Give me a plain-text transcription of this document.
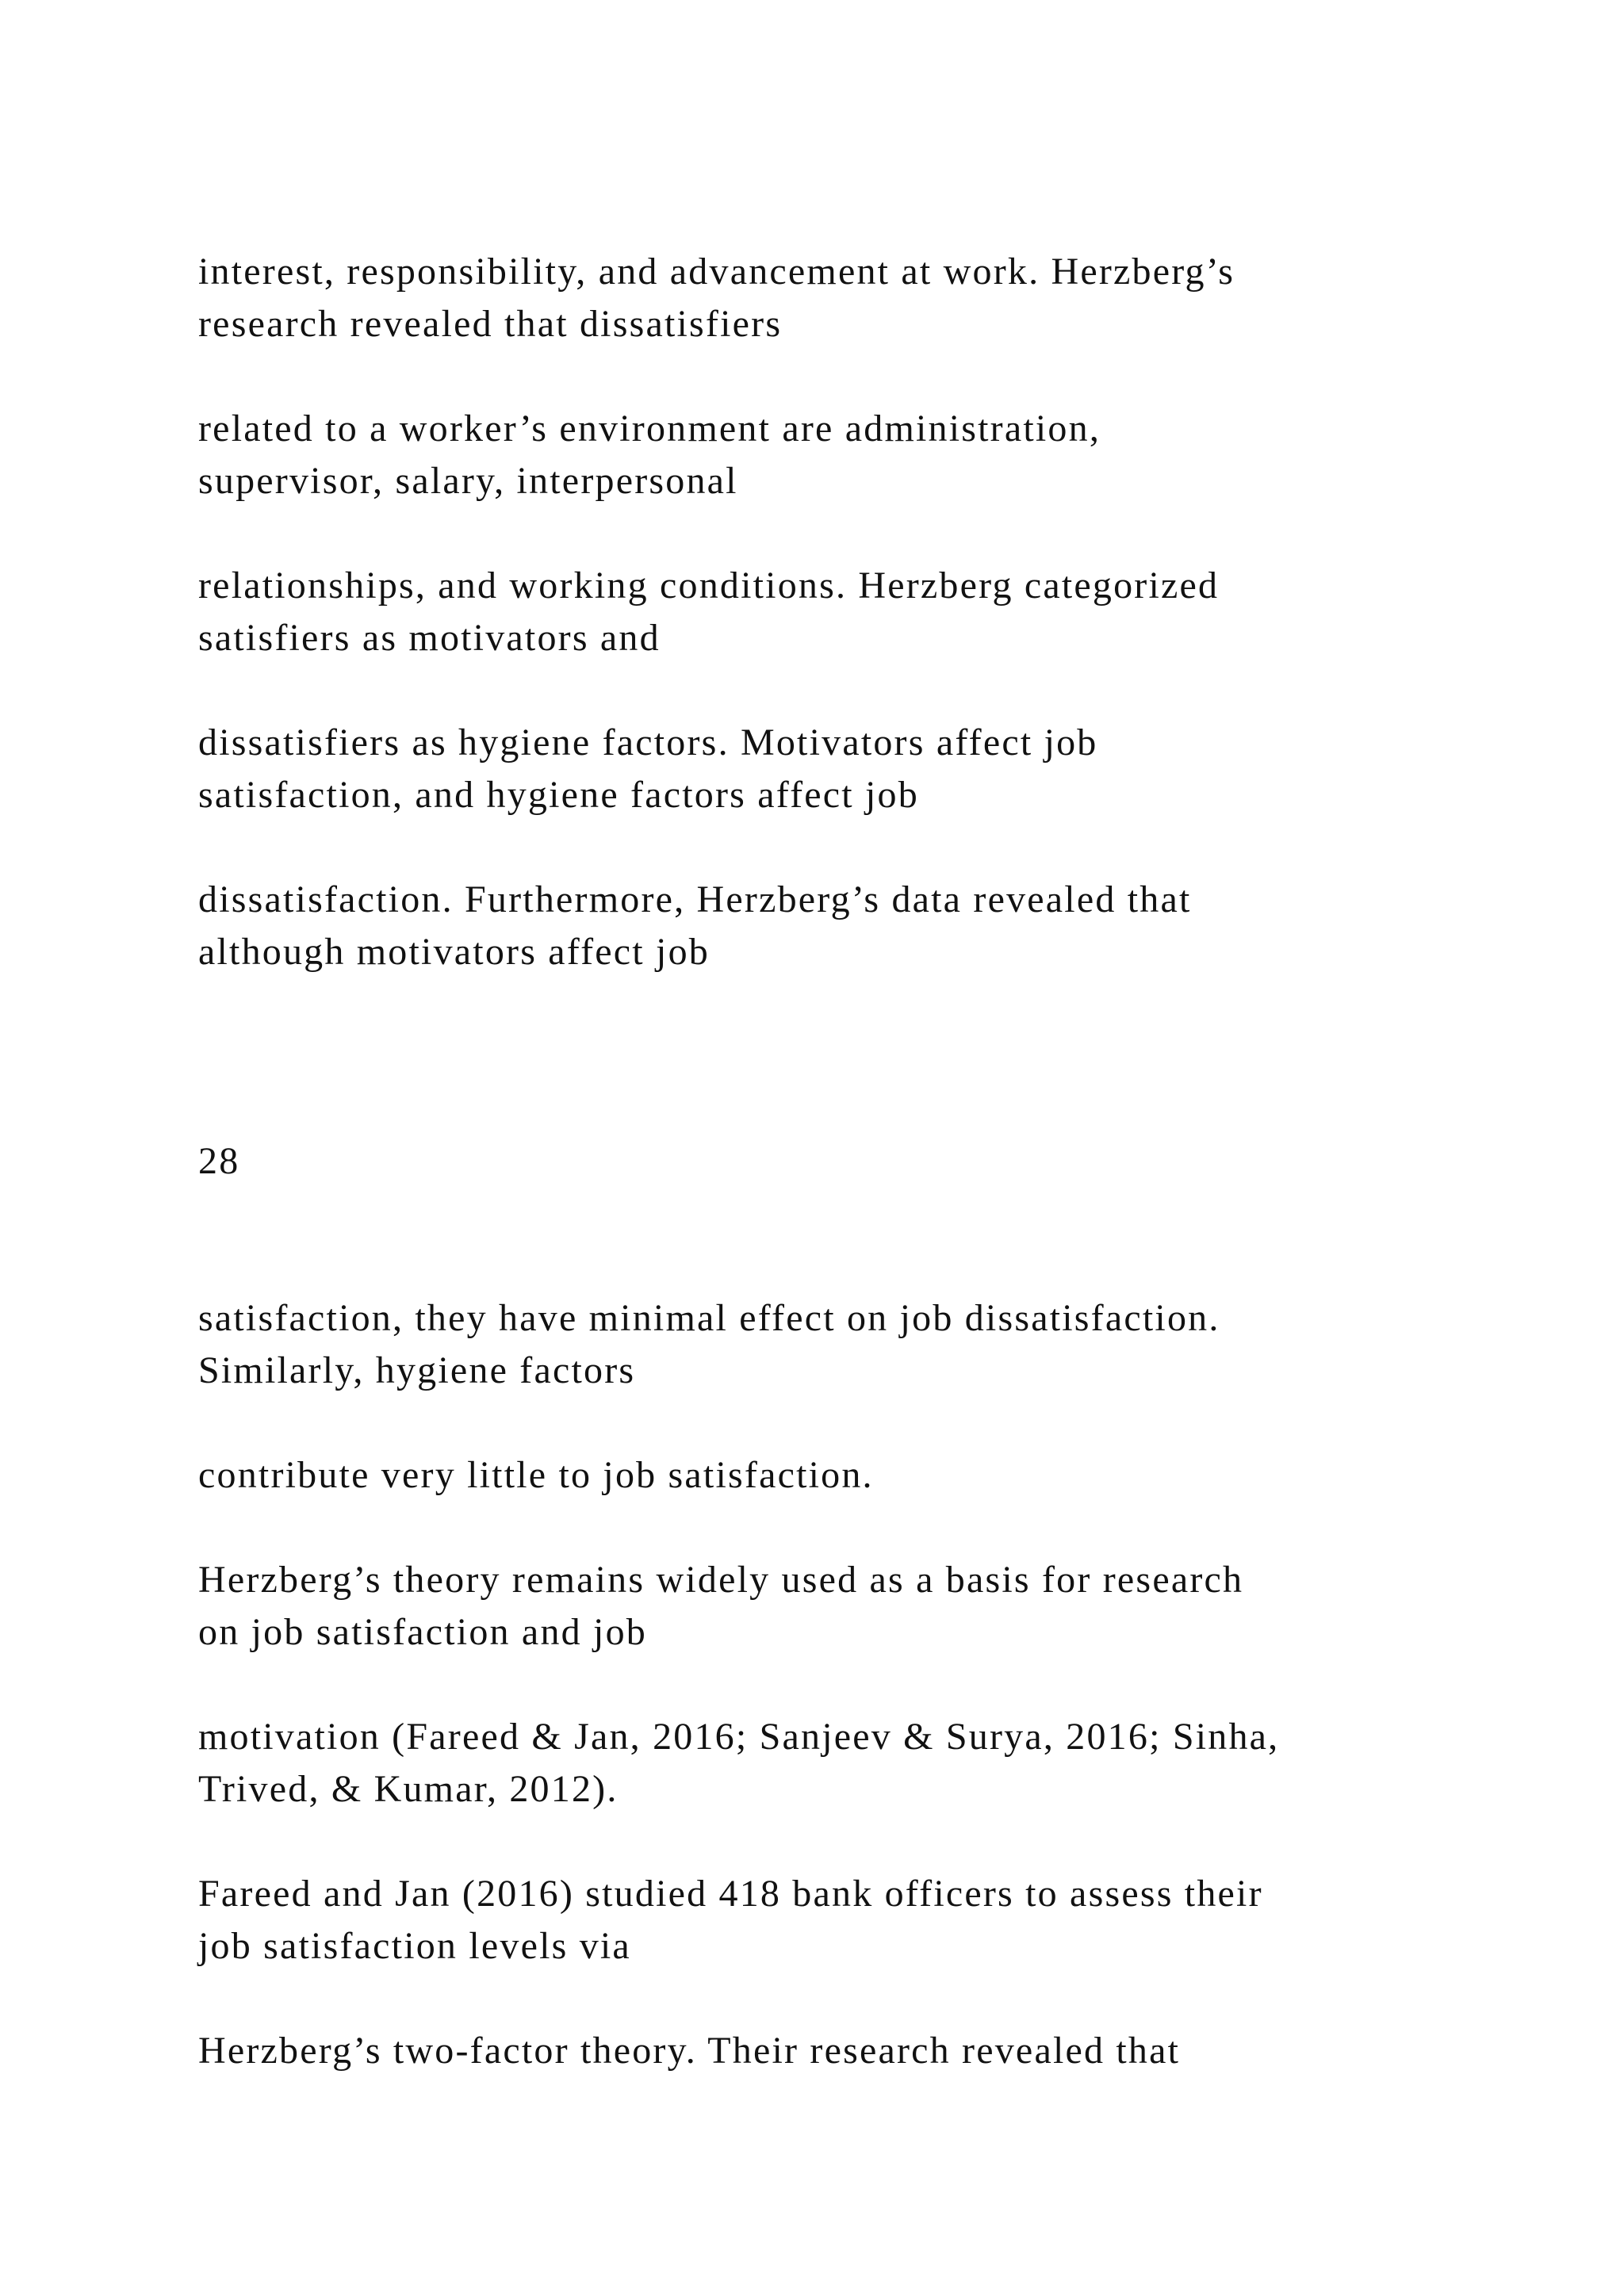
interest, responsibility, and advancement at work. Herzberg’s

research revealed that dissatisfiers

related to a worker’s environment are administration,

supervisor, salary, interpersonal

relationships, and working conditions. Herzberg categorized

satisfiers as motivators and

dissatisfiers as hygiene factors. Motivators affect job

satisfaction, and hygiene factors affect job

dissatisfaction. Furthermore, Herzberg’s data revealed that

although motivators affect job

28

satisfaction, they have minimal effect on job dissatisfaction.

Similarly, hygiene factors

contribute very little to job satisfaction.

Herzberg’s theory remains widely used as a basis for research

on job satisfaction and job

motivation (Fareed & Jan, 2016; Sanjeev & Surya, 2016; Sinha,

Trived, & Kumar, 2012).

Fareed and Jan (2016) studied 418 bank officers to assess their

job satisfaction levels via

Herzberg’s two-factor theory. Their research revealed that
